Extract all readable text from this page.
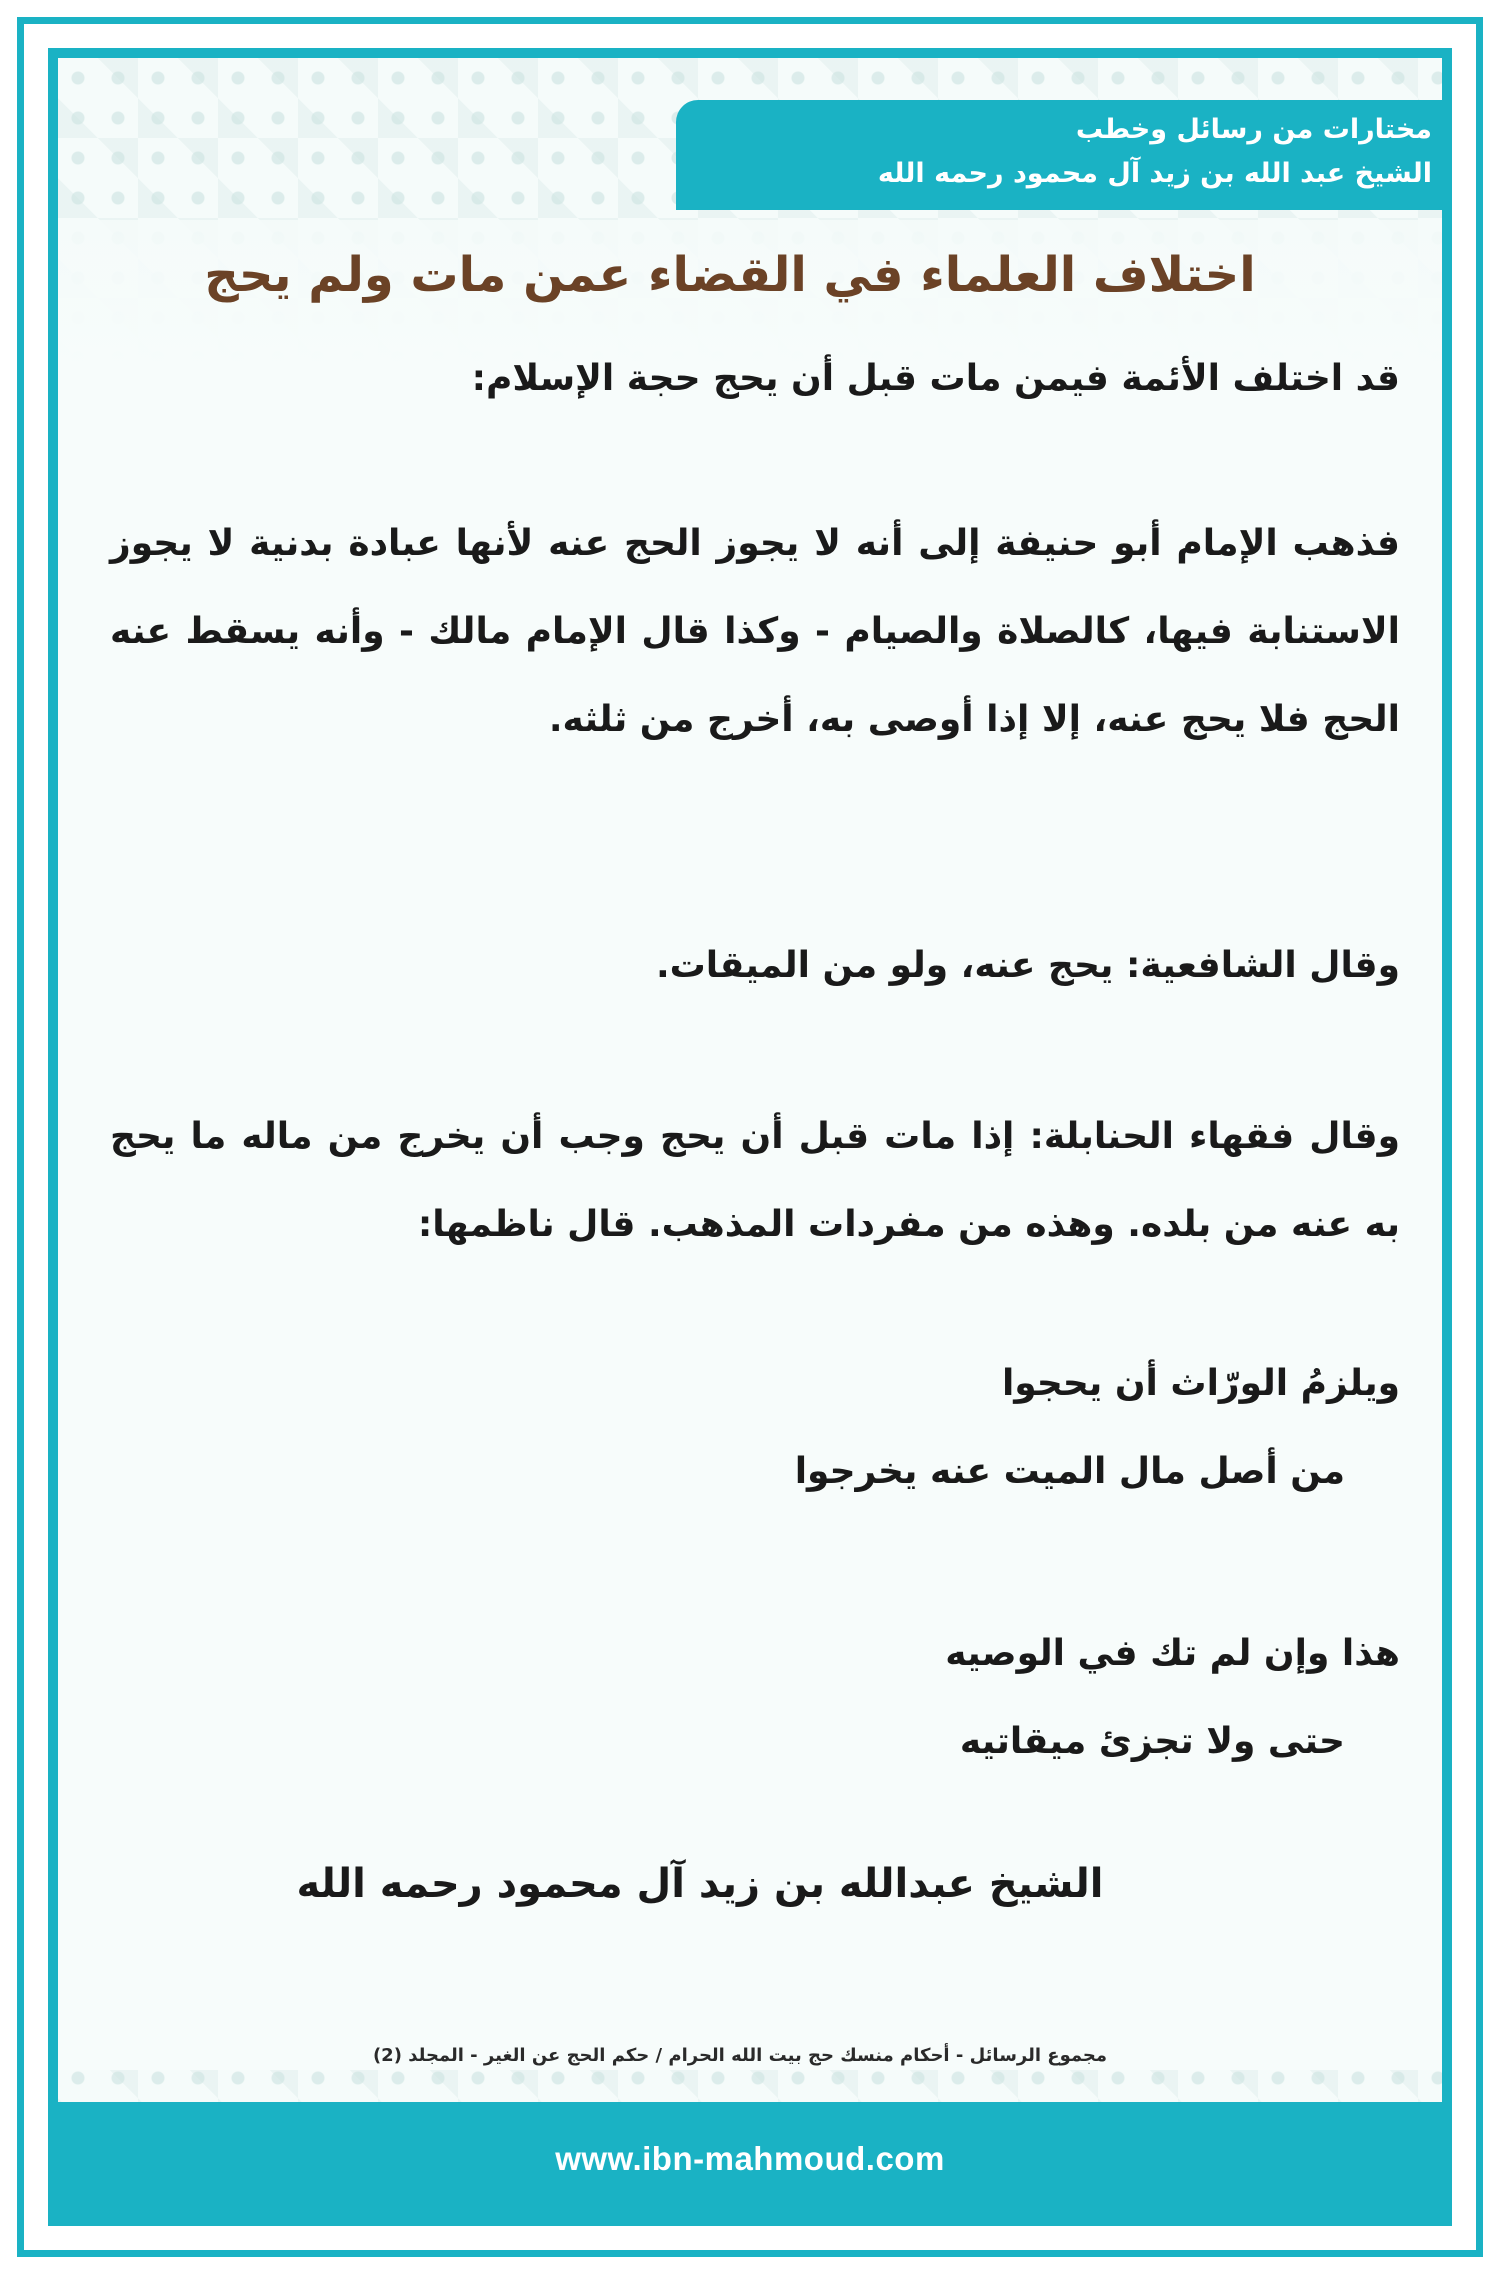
مختارات من رسائل وخطب
الشيخ عبد الله بن زيد آل محمود رحمه الله
اختلاف العلماء في القضاء عمن مات ولم يحج

قد اختلف الأئمة فيمن مات قبل أن يحج حجة الإسلام:

فذهب الإمام أبو حنيفة إلى أنه لا يجوز الحج عنه لأنها عبادة بدنية لا يجوز الاستنابة فيها، كالصلاة والصيام - وكذا قال الإمام مالك - وأنه يسقط عنه الحج فلا يحج عنه، إلا إذا أوصى به، أخرج من ثلثه.

وقال الشافعية: يحج عنه، ولو من الميقات.

وقال فقهاء الحنابلة: إذا مات قبل أن يحج وجب أن يخرج من ماله ما يحج به عنه من بلده. وهذه من مفردات المذهب. قال ناظمها:

ويلزمُ الورّاث أن يحجوا

من أصل مال الميت عنه يخرجوا

هذا وإن لم تك في الوصيه

حتى ولا تجزئ ميقاتيه

الشيخ عبدالله بن زيد آل محمود رحمه الله
مجموع الرسائل - أحكام منسك حج بيت الله الحرام / حكم الحج عن الغير - المجلد (2)
www.ibn-mahmoud.com
